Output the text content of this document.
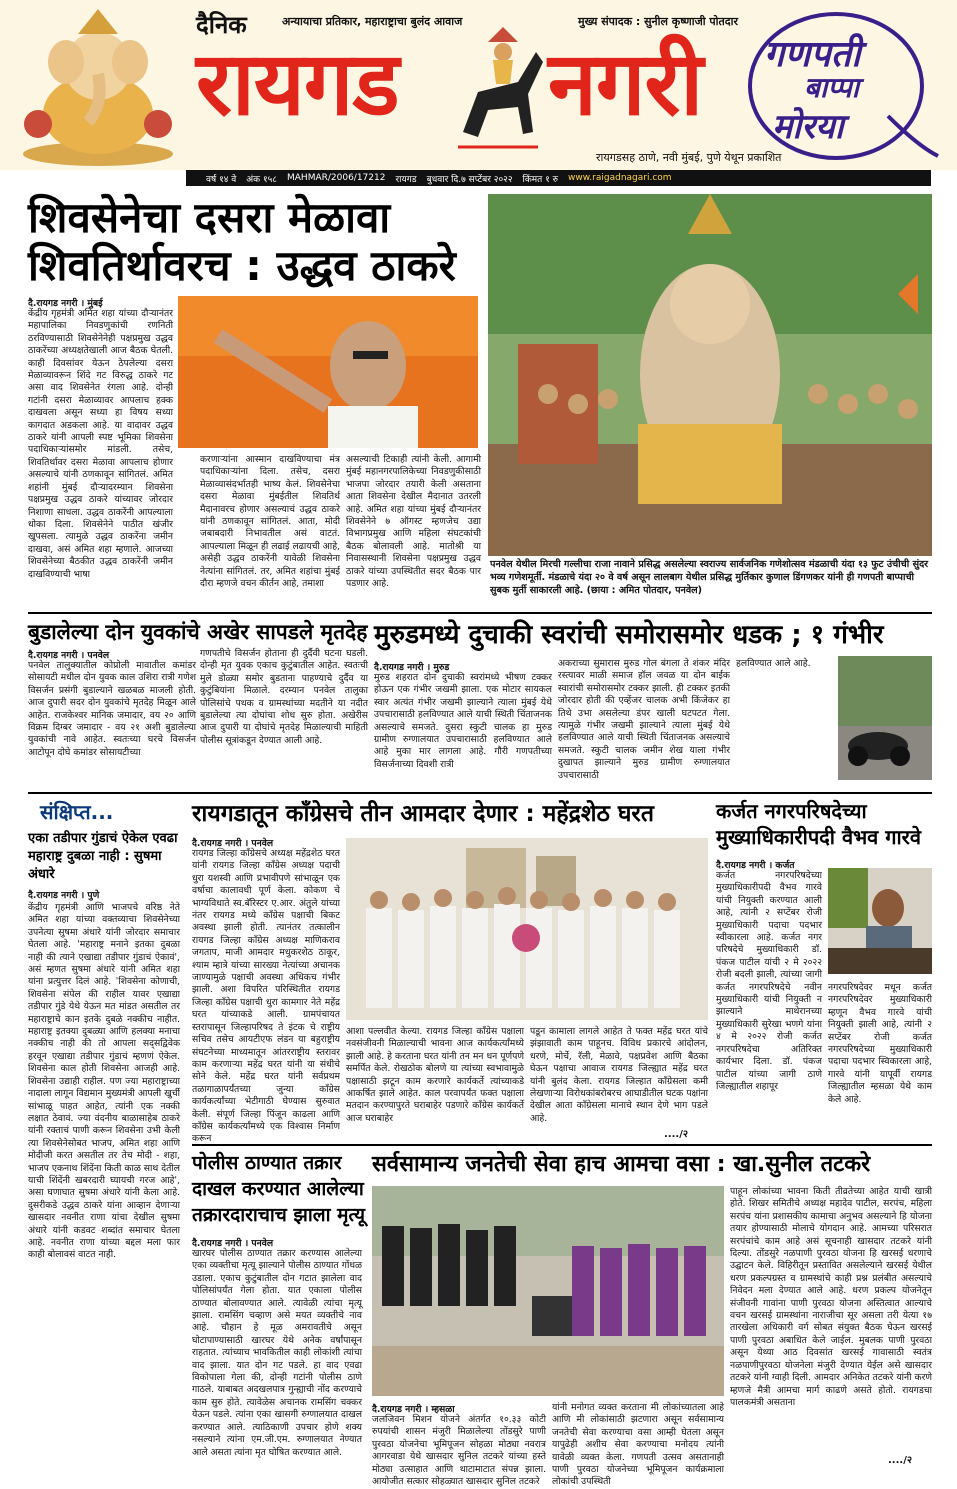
दैनिक	अन्यायाचा प्रतिकार, महाराष्ट्राचा बुलंद आवाज	मुख्य संपादक : सुनील कृष्णाजी पोतदार
रायगड नगरी
रायगडसह ठाणे, नवी मुंबई, पुणे येथून प्रकाशित
गणपती
बाप्पा
मोरया
वर्ष १४ वे अंक १५८ MAHMAR/2006/17212 रायगड बुधवार दि.७ सप्टेंबर २०२२ किंमत १ रु www.raigadnagari.com
शिवसेनेचा दसरा मेळावा
शिवतिर्थावरच : उद्धव ठाकरे
दै.रायगड नगरी । मुंबई
केंद्रीय गृहमंत्री अमित शहा यांच्या दौऱ्यानंतर महापालिका निवडणुकांची रणनिती ठरविण्यासाठी शिवसेनेनेही पक्षप्रमुख उद्धव ठाकरेंच्या अध्यक्षतेखाली आज बैठक घेतली. काही दिवसांवर येऊन ठेपलेल्या दसरा मेळाव्यावरून शिंदे गट विरुद्ध ठाकरे गट असा वाद शिवसेनेत रंगला आहे. दोन्ही गटांनी दसरा मेळाव्यावर आपलाच हक्क दाखवला असून सध्या हा विषय सध्या कागदात अडकला आहे. या वादावर उद्धव ठाकरे यांनी आपली स्पष्ट भूमिका शिवसेना पदाधिकाऱ्यांसमोर मांडली. तसेच, शिवतिर्थावर दसरा मेळावा आपलाच होणार असल्याचे यांनी ठणकावून सांगितलं. अमित शहांनी मुंबई दौऱ्यादरम्यान शिवसेना पक्षप्रमुख उद्धव ठाकरे यांच्यावर जोरदार निशाणा साधला. उद्धव ठाकरेंनी आपल्याला धोका दिला. शिवसेनेने पाठीत खंजीर खुपसला. त्यामुळे उद्धव ठाकरेंना जमीन दाखवा, असं अमित शहा म्हणाले. आजच्या शिवसेनेच्या बैठकीत उद्धव ठाकरेंनी जमीन दाखविण्याची भाषा
करणाऱ्यांना आस्मान दाखविण्याचा मंत्र पदाधिकाऱ्यांना दिला. तसेच, दसरा मेळाव्यासंदर्भातही भाष्य केलं. शिवसेनेचा दसरा मेळावा मुंबईतील शिवतिर्थ मैदानावरच होणार असल्याचं उद्धव ठाकरे यांनी ठणकावून सांगितलं. आता, मोदी जबाबदारी निभावतील असं वाटतं. आपल्याला मिळून ही लढाई लढायची आहे, असेही उद्धव ठाकरेंनी यावेळी शिवसेना नेत्यांना सांगितलं. तर, अमित शहांचा मुंबई दौरा म्हणजे वचन कीर्तन आहे, तमाशा
असल्याची टिकाही त्यांनी केली. आगामी मुंबई महानगरपालिकेच्या निवडणुकीसाठी भाजपा जोरदार तयारी केली असताना आता शिवसेना देखील मैदानात उतरली आहे. अमित शहा यांच्या मुंबई दौऱ्यानंतर शिवसेनेने ७ ऑगस्ट म्हणजेच उद्या विभागप्रमुख आणि महिला संघटकांची बैठक बोलावली आहे. मातोश्री या निवासस्थानी शिवसेना पक्षप्रमुख उद्धव ठाकरे यांच्या उपस्थितीत सदर बैठक पार पडणार आहे.
पनवेल येथील मिरची गल्लीचा राजा नावाने प्रसिद्ध असलेल्या स्वराज्य सार्वजनिक गणेशोत्सव मंडळाची यंदा १३ फुट उंचीची सुंदर भव्य गणेशमूर्ती. मंडळाचे यंदा २० वे वर्ष असून लालबाग येथील प्रसिद्ध मुर्तिकार कुणाल डिंगणकर यांनी ही गणपती बाप्पाची सुबक मुर्ती साकारली आहे. (छाया : अमित पोतदार, पनवेल)
बुडालेल्या दोन युवकांचे अखेर सापडले मृतदेह
दै.रायगड नगरी । पनवेल
पनवेल तालुक्यातील कोप्रोली मावातील कमांडर सोसायटी मधील दोन युवक काल उशिरा रात्री गणेश विसर्जन प्रसंगी बुडाल्याने खळबळ माजली होती. आज दुपारी सदर दोन युवकांचे मृतदेह मिळून आले आहेत. राजकेश्वर मानिक जमादार, वय २० आणि विक्रम दिग्बर जमादार - वय २१ अशी बुडालेल्या युवकांची नावे आहेत. स्वतःच्या घरचे विसर्जन आटोपून दोघे कमांडर सोसायटीच्या
गणपतीचे विसर्जन होताना ही दुर्दैवी घटना घडली. दोन्ही मृत युवक एकाच कुटुंबातील आहेत. स्वतःची मुले डोळ्या समोर बुडताना पाहण्याचे दुर्दैव या कुटुंबियांना मिळाले. दरम्यान पनवेल तालुका पोलिसांचे पथक व ग्रामस्थांच्या मदतीने या नदीत बुडालेल्या त्या दोघांचा शोध सुरु होता. अखेरीस आज दुपारी या दोघांचे मृतदेह मिळाल्याची माहिती पोलीस सूत्रांकडून देण्यात आली आहे.
मुरुडमध्ये दुचाकी स्वरांची समोरासमोर धडक ; १ गंभीर
दै.रायगड नगरी । मुरुड
मुरुड शहरात दोन दुचाकी स्वरांमध्ये भीषण टक्कर होऊन एक गंभीर जखमी झाला. एक मोटार सायकल स्वार अत्यंत गंभीर जखमी झाल्याने त्याला मुंबई येथे उपचारासाठी हलविण्यात आले याची स्थिती चिंताजनक असल्याचे समजते. दुसरा स्कुटी चालक हा मुरुड ग्रामीण रुग्णालयात उपचारासाठी हलविण्यात आले आहे मुका मार लागला आहे. गौरी गणपतीच्या विसर्जनाच्या दिवशी रात्री
अकराच्या सुमारास मुरुड गोल बंगला ते शंकर मंदिर रस्त्यावर माळी समाज हॉल जवळ या दोन बाईक स्वारांची समोरासमोर टक्कर झाली. ही टक्कर इतकी जोरदार होती की एव्हेंजर चालक अभी किंजेकर हा तिथे उभा असलेल्या डंपर खाली घटपटत गेला. त्यामुळे गंभीर जखमी झाल्याने त्याला मुंबई येथे हलविण्यात आले याची स्थिती चिंताजनक असल्याचे समजते. स्कुटी चालक जमीन शेख याला गंभीर दुखापत झाल्याने मुरुड ग्रामीण रुग्णालयात उपचारासाठी
हलविण्यात आले आहे.
संक्षिप्त...
एका तडीपार गुंडाचं ऐकेल एवढा महाराष्ट्र दुबळा नाही : सुषमा अंधारे
दै.रायगड नगरी । पुणे
केंद्रीय गृहमंत्री आणि भाजपचे वरिष्ठ नेते अमित शहा यांच्या वक्तव्याचा शिवसेनेच्या उपनेत्या सुषमा अंधारे यांनी जोरदार समाचार घेतला आहे. 'महाराष्ट्र मनाने इतका दुबळा नाही की त्याने एखाद्या तडीपार गुंडाचं ऐकावं', असं म्हणत सुषमा अंधारे यांनी अमित शहा यांना प्रत्युत्तर दिलं आहे. 'शिवसेना कोणाची, शिवसेना संपेल की राहील यावर एखाद्या तडीपार गुंडे येथे येऊन मत मांडत असतील तर महाराष्ट्राचे कान इतके दुबळे नक्कीच नाहीत. महाराष्ट्र इतक्या दुबळ्या आणि हलक्या मनाचा नक्कीच नाही की तो आपला सद्सद्विवेक हरवून एखाद्या तडीपार गुंडाचं म्हणणं ऐकेल. शिवसेना काल होती शिवसेना आजही आहे. शिवसेना उद्याही राहील. पण ज्या महाराष्ट्राच्या नादाला लागून विद्यमान मुख्यमंत्री आपली खुर्ची सांभाळू पाहत आहेत, त्यांनी एक नक्की लक्षात ठेवावं. ज्या वंदनीय बाळासाहेब ठाकरे यांनी रक्ताचं पाणी करून शिवसेना उभी केली त्या शिवसेनेसोबत भाजप, अमित शहा आणि मोदीजी करत असतील तर तेच मोदी - शहा, भाजप एकनाथ शिंदेंना किती काळ साथ देतील याची शिंदेंनी खबरदारी घ्यायची गरज आहे', असा घणाघात सुषमा अंधारे यांनी केला आहे. दुसरीकडे उद्धव ठाकरे यांना आव्हान देणाऱ्या खासदार नवनीत राणा यांचा देखील सुषमा अंधारे यांनी कडवट शब्दांत समाचार घेतला आहे. नवनीत राणा यांच्या बद्दल मला फार काही बोलावसं वाटत नाही.
रायगडातून कॉंग्रेसचे तीन आमदार देणार : महेंद्रशेठ घरत
दै.रायगड नगरी । पनवेल
रायगड जिल्हा कॉंग्रेसचे अध्यक्ष महेंद्रशेठ घरत यांनी रायगड जिल्हा कॉंग्रेस अध्यक्ष पदाची धुरा यशस्वी आणि प्रभावीपणे सांभाळून एक वर्षाचा कालावधी पूर्ण केला. कोकण चे भाग्यविधाते स्व.बॅरिस्टर ए.आर. अंतुले यांच्या नंतर रायगड मध्ये कॉंग्रेस पक्षाची बिकट अवस्था झाली होती. त्यानंतर तत्कालीन रायगड जिल्हा कॉंग्रेस अध्यक्ष माणिकराव जगताप, माजी आमदार मधुकरशेठ ठाकूर, श्याम म्हात्रे यांच्या सारख्या नेत्यांच्या अचानक जाण्यामुळे पक्षाची अवस्था अधिकच गंभीर झाली. अशा विपरित परिस्थितीत रायगड जिल्हा कॉंग्रेस पक्षाची धुरा कामगार नेते महेंद्र घरत यांच्याकडे आली. ग्रामपंचायत स्तरापासून जिल्हापरिषद ते इंटक चे राष्ट्रीय सचिव तसेच आयटीएफ लंडन या बहुराष्ट्रीय संघटनेच्या माध्यमातून आंतरराष्ट्रीय स्तरावर काम करणाऱ्या महेंद्र घरत यांनी या संधीचे सोने केले. महेंद्र घरत यांनी सर्वप्रथम तळागाळापर्यंतच्या जुन्या कॉंग्रेस कार्यकर्त्यांच्या भेटीगाठी घेण्यास सुरुवात केली. संपूर्ण जिल्हा पिंजून काढला आणि कॉंग्रेस कार्यकर्त्यांमध्ये एक विश्वास निर्माण करून
आशा पल्लवीत केल्या. रायगड जिल्हा कॉंग्रेस पक्षाला नवसंजीवनी मिळाल्याची भावना आज कार्यकर्त्यांमध्ये झाली आहे. हे करताना घरत यांनी तन मन धन पूर्णपणे समर्पित केले. रोखठोक बोलणे या त्यांच्या स्वभावामुळे पक्षासाठी झटून काम करणारे कार्यकर्ते त्यांच्याकडे आकर्षित झाले आहेत. काल परवापर्यंत फक्त पक्षाला मतदान करण्यापुरते घराबाहेर पडणारे कॉंग्रेस कार्यकर्ते आज घराबाहेर
पडून कामाला लागले आहेत ते फक्त महेंद्र घरत यांचे झंझावाती काम पाहूनच. विविध प्रकारचे आंदोलन, धरणे, मोर्चे, रॅली, मेळावे, पक्षप्रवेश आणि बैठका घेऊन पक्षाचा आवाज रायगड जिल्ह्यात महेंद्र घरत यांनी बुलंद केला. रायगड जिल्हात कॉंग्रेसला कमी लेखणाऱ्या विरोधकांबरोबरच आघाडीतील घटक पक्षांना देखील आता कॉंग्रेसला मानाचे स्थान देणे भाग पडले आहे.
..../२
कर्जत नगरपरिषदेच्या
मुख्याधिकारीपदी वैभव गारवे
दै.रायगड नगरी । कर्जत
कर्जत नगरपरिषदेच्या मुख्याधिकारीपदी वैभव गारवे यांची नियुक्ती करण्यात आली आहे, त्यांनी २ सप्टेंबर रोजी मुख्याधिकारी पदाचा पदभार स्वीकारला आहे. कर्जत नगर परिषदेचे मुख्याधिकारी डॉ. पंकज पाटील यांची २ मे २०२२ रोजी बदली झाली, त्यांच्या जागी कर्जत नगरपरिषदेचे नवीन मुख्याधिकारी यांची नियुक्ती न झाल्याने माथेरानच्या मुख्याधिकारी सुरेखा भणगे यांना ४ मे २०२२ रोजी कर्जत नगरपरिषदेचा अतिरिक्त कार्यभार दिला. डॉ. पंकज पाटील यांच्या जागी ठाणे जिल्ह्यातील शहापूर
नगरपरिषदेवर मधून कर्जत नगरपरिषदेवर मुख्याधिकारी म्हणून वैभव गारवे यांची नियुक्ती झाली आहे, त्यांनी २ सप्टेंबर रोजी कर्जत नगरपरिषदेच्या मुख्याधिकारी पदाचा पदभार स्विकारला आहे, गारवे यांनी यापूर्वी रायगड जिल्ह्यातील म्हसळा येथे काम केले आहे.
पोलीस ठाण्यात तक्रार
दाखल करण्यात आलेल्या
तक्रारदाराचाच झाला मृत्यू
दै.रायगड नगरी । पनवेल
खारघर पोलीस ठाण्यात तक्रार करण्यास आलेल्या एका व्यक्तीचा मृत्यू झाल्याने पोलीस ठाण्यात गोंधळ उडाला. एकाच कुटुंबातील दोन गटात झालेला वाद पोलिसांपर्यंत गेला होता. यात एकाला पोलीस ठाण्यात बोलावण्यात आले. त्यावेळी त्यांचा मृत्यू झाला. रामसिंग चव्हाण असे मयत व्यक्तीचे नाव आहे. चौहान हे मूळ अमरावतीचे असून घोटापाण्यासाठी खारघर येथे अनेक वर्षांपासून राहतात. त्यांच्याच भावकितील काही लोकांशी त्यांचा वाद झाला. यात दोन गट पडले. हा वाद एवढा विकोपाला गेला की, दोन्ही गटांनी पोलीस ठाणे गाठले. याबाबत अदखलपात्र गुन्ह्याची नोंद करण्याचे काम सुरु होते. त्यावेळेस अचानक रामसिंग चक्कर येऊन पडले. त्यांना एका खासगी रुग्णालयात दाखल करण्यात आले. त्याठिकाणी उपचार होणे शक्य नसल्याने त्यांना एम.जी.एम. रुग्णालयात नेण्यात आले असता त्यांना मृत घोषित करण्यात आले.
सर्वसामान्य जनतेची सेवा हाच आमचा वसा : खा.सुनील तटकरे
दै.रायगड नगरी । म्हसळा
जलजिवन मिशन योजने अंतर्गत १०.३३ कोटी रुपयांची शासन मंजुरी मिळालेल्या तोंडसुरे पाणी पुरवठा योजनेचा भूमिपूजन सोहळा मोठ्या नवरात्र आगरवाडा येथे खासदार सुनिल तटकरे यांच्या हस्ते मोठ्या उत्साहात आणि थाटामाटात संपन्न झाला. आयोजीत सत्कार सोहळ्यात खासदार सुनिल तटकरे
यांनी मनोगत व्यक्त करताना मी लोकांच्यातला आहे आणि मी लोकांसाठी झटणारा असून सर्वसामान्य जनतेची सेवा करण्याचा वसा आम्ही घेतला असून यापुढेही अशीच सेवा करण्याचा मनोदय त्यांनी यावेळी व्यक्त केला. गणपती उत्सव असतानाही पाणी पुरवठा योजनेच्या भूमिपूजन कार्यक्रमाला लोकांची उपस्थिती
पाहून लोकांच्या भावना किती तीव्रतेच्या आहेत याची खात्री होते. शिखर समितीचे अध्यक्ष महादेव पाटील, सरपंच, महिला सरपंच यांना प्रशासकीय कामाचा अनुभव असल्याने हि योजना तयार होण्यासाठी मोलाचे योगदान आहे. आमच्या परिसरात सरपंचांचे काम आहे असं सूचनाही खासदार तटकरे यांनी दिल्या. तोंडसुरे नळपाणी पुरवठा योजना हि खरसई धरणाचे उद्घाटन केले. विहिरीतून प्रस्तावित असलेल्याने खरसई येथील धरण प्रकल्पग्रस्त व ग्रामस्थांचे काही प्रश्न प्रलंबीत असल्याचे निवेदन मला देण्यात आले आहे. धरण प्रकल्प योजनेतून संजीवनी गावांना पाणी पुरवठा योजना अस्तित्वात आल्याचे वचन खरसई ग्रामस्थांना नाराजीचा सूर असला तरी येत्या १७ तारखेला अधिकारी वर्ग सोबत संयुक्त बैठक घेऊन खरसई पाणी पुरवठा अबाधित केले जाईल. मुबलक पाणी पुरवठा असून येथ्या आठ दिवसांत खरसई गावासाठी स्वतंत्र नळपाणीपुरवठा योजनेला मंजुरी देण्यात येईल असे खासदार तटकरे यांनी ग्वाही दिली. आमदार अनिकेत तटकरे यांनी करणे म्हणजे मैत्री आमचा मार्ग काढणे असते होतो. रायगडचा पालकमंत्री असताना
..../२
